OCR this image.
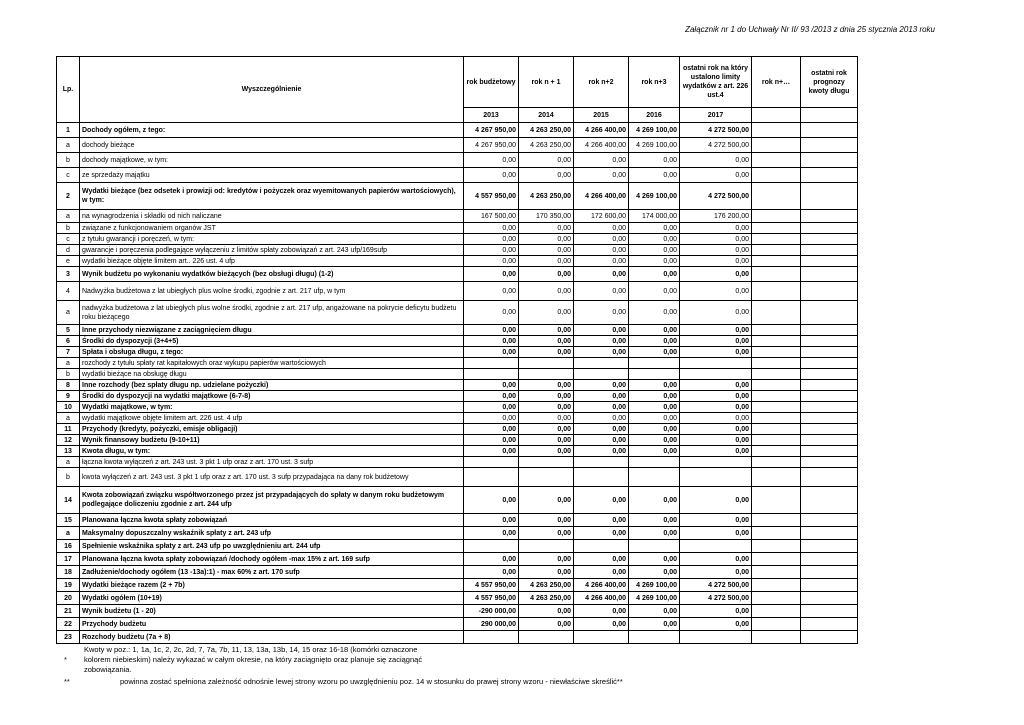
Załącznik nr 1 do Uchwały Nr II/ 93 /2013 z dnia 25 stycznia 2013 roku
Lp.	Wyszczególnienie	rok budżetowy	rok n + 1	rok n+2	rok n+3	ostatni rok na który ustalono limity wydatków z art. 226 ust.4	rok n+…	ostatni rok prognozy kwoty długu
		2013	2014	2015	2016	2017		
1	Dochody ogółem, z tego:	4 267 950,00	4 263 250,00	4 266 400,00	4 269 100,00	4 272 500,00		
a	dochody bieżące	4 267 950,00	4 263 250,00	4 266 400,00	4 269 100,00	4 272 500,00		
b	dochody majątkowe, w tym:	0,00	0,00	0,00	0,00	0,00		
c	ze sprzedaży majątku	0,00	0,00	0,00	0,00	0,00		
2	Wydatki bieżące (bez odsetek i prowizji od: kredytów i pożyczek oraz wyemitowanych papierów wartościowych), w tym:	4 557 950,00	4 263 250,00	4 266 400,00	4 269 100,00	4 272 500,00		
a	na wynagrodzenia i składki od nich naliczane	167 500,00	170 350,00	172 600,00	174 000,00	176 200,00		
b	związane z funkcjonowaniem organów JST	0,00	0,00	0,00	0,00	0,00		
c	z tytułu gwarancji i poręczeń, w tym:	0,00	0,00	0,00	0,00	0,00		
d	gwarancje i poręczenia podlegające wyłączeniu z limitów spłaty zobowiązań z art. 243 ufp/169sufp	0,00	0,00	0,00	0,00	0,00		
e	wydatki bieżące objęte limitem art.. 226 ust. 4 ufp	0,00	0,00	0,00	0,00	0,00		
3	Wynik budżetu po wykonaniu wydatków bieżących (bez obsługi długu) (1-2)	0,00	0,00	0,00	0,00	0,00		
4	Nadwyżka budżetowa z lat ubiegłych plus wolne środki, zgodnie z art. 217 ufp, w tym	0,00	0,00	0,00	0,00	0,00		
a	nadwyżka budżetowa z lat ubiegłych plus wolne środki, zgodnie z art. 217 ufp, angażowane na pokrycie deficytu budżetu roku bieżącego	0,00	0,00	0,00	0,00	0,00		
5	Inne przychody niezwiązane z zaciągnięciem długu	0,00	0,00	0,00	0,00	0,00		
6	Środki do dyspozycji (3+4+5)	0,00	0,00	0,00	0,00	0,00		
7	Spłata i obsługa długu, z tego:	0,00	0,00	0,00	0,00	0,00		
a	rozchody z tytułu spłaty rat kapitałowych oraz wykupu papierów wartościowych							
b	wydatki bieżące na obsługę długu							
8	Inne rozchody (bez spłaty długu np. udzielane pożyczki)	0,00	0,00	0,00	0,00	0,00		
9	Środki do dyspozycji na wydatki majątkowe (6-7-8)	0,00	0,00	0,00	0,00	0,00		
10	Wydatki majątkowe, w tym:	0,00	0,00	0,00	0,00	0,00		
a	wydatki majątkowe objęte limitem art. 226 ust. 4 ufp	0,00	0,00	0,00	0,00	0,00		
11	Przychody (kredyty, pożyczki, emisje obligacji)	0,00	0,00	0,00	0,00	0,00		
12	Wynik finansowy budżetu (9-10+11)	0,00	0,00	0,00	0,00	0,00		
13	Kwota długu, w tym:	0,00	0,00	0,00	0,00	0,00		
a	łączna kwota wyłączeń z art. 243 ust. 3 pkt 1 ufp oraz z art. 170 ust. 3 sufp							
b	kwota wyłączeń z art. 243 ust. 3 pkt 1 ufp oraz z art. 170 ust. 3 sufp przypadająca na dany rok budżetowy							
14	Kwota zobowiązań związku współtworzonego przez jst przypadających do spłaty w danym roku budżetowym podlegające doliczeniu zgodnie z art. 244 ufp	0,00	0,00	0,00	0,00	0,00		
15	Planowana łączna kwota spłaty zobowiązań	0,00	0,00	0,00	0,00	0,00		
a	Maksymalny dopuszczalny wskaźnik spłaty z art. 243 ufp	0,00	0,00	0,00	0,00	0,00		
16	Spełnienie wskaźnika spłaty z art. 243 ufp po uwzględnieniu art. 244 ufp							
17	Planowana łączna kwota spłaty zobowiązań /dochody ogółem -max 15% z art. 169 sufp	0,00	0,00	0,00	0,00	0,00		
18	Zadłużenie/dochody ogółem (13 -13a):1) - max 60% z art. 170 sufp	0,00	0,00	0,00	0,00	0,00		
19	Wydatki bieżące razem (2 + 7b)	4 557 950,00	4 263 250,00	4 266 400,00	4 269 100,00	4 272 500,00		
20	Wydatki ogółem (10+19)	4 557 950,00	4 263 250,00	4 266 400,00	4 269 100,00	4 272 500,00		
21	Wynik budżetu (1 - 20)	-290 000,00	0,00	0,00	0,00	0,00		
22	Przychody budżetu	290 000,00	0,00	0,00	0,00	0,00		
23	Rozchody budżetu (7a + 8)							
*
Kwoty w poz.: 1, 1a, 1c, 2, 2c, 2d, 7, 7a, 7b, 11, 13, 13a, 13b, 14, 15 oraz 16-18 (komórki oznaczone
kolorem niebieskim) należy wykazać w całym okresie, na który zaciągnięto oraz planuje się zaciągnąć
zobowiązania.
**	powinna zostać spełniona zależność odnośnie lewej strony wzoru po uwzględnieniu poz. 14 w stosunku do prawej strony wzoru - niewłaściwe skreślić**
